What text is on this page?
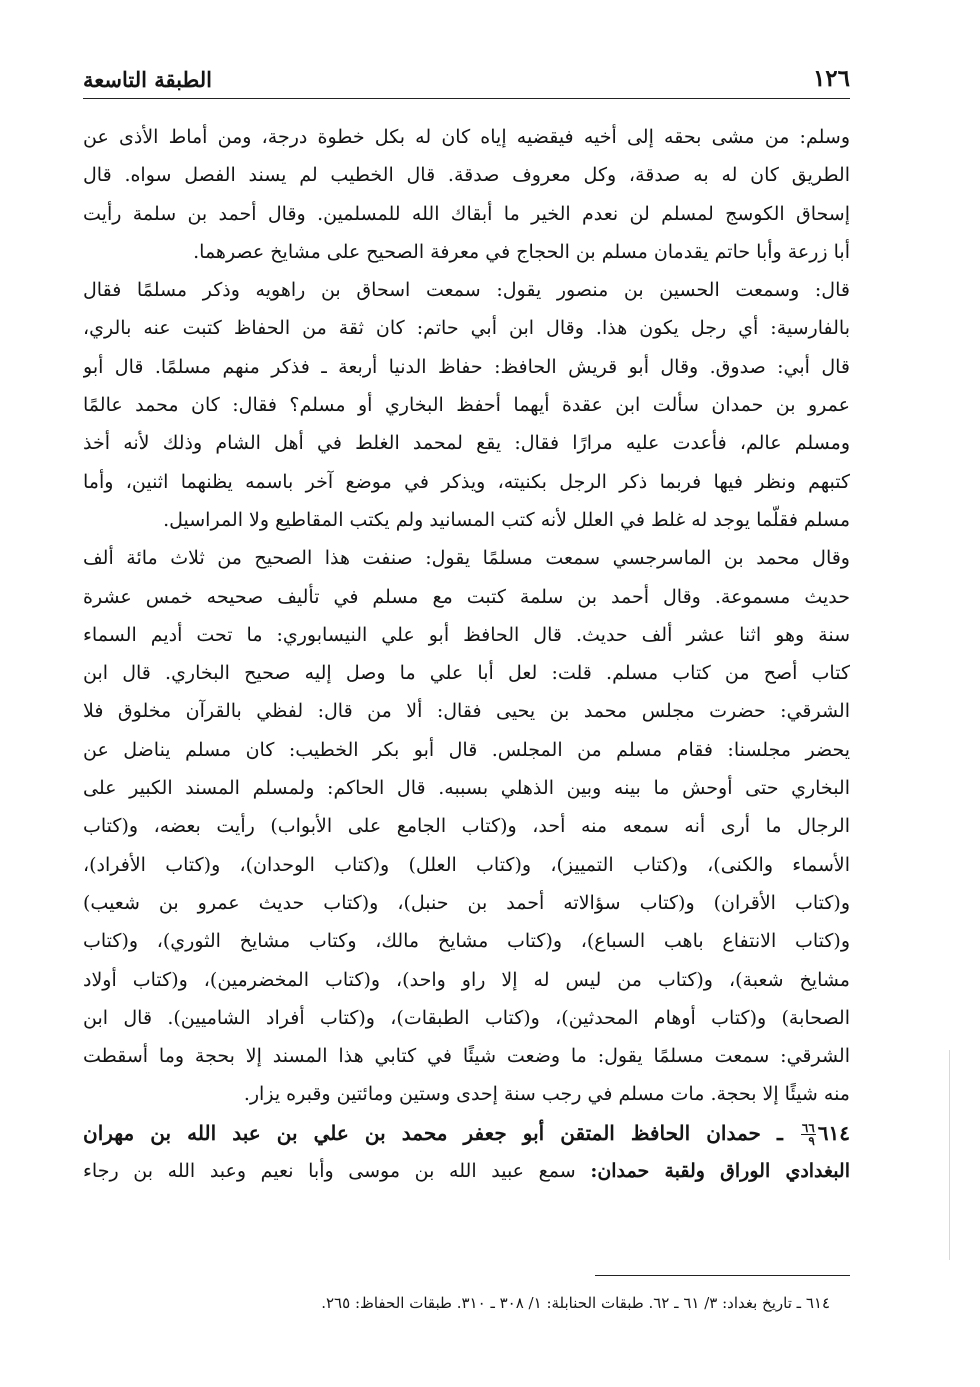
١٢٦
الطبقة التاسعة
وسلم: من مشى بحقه إلى أخيه فيقضيه إياه كان له بكل خطوة درجة، ومن أماط الأذى عن
الطريق كان له به صدقة، وكل معروف صدقة. قال الخطيب لم يسند الفصل سواه. قال
إسحاق الكوسج لمسلم لن نعدم الخير ما أبقاك الله للمسلمين. وقال أحمد بن سلمة رأيت
أبا زرعة وأبا حاتم يقدمان مسلم بن الحجاج في معرفة الصحيح على مشايخ عصرهما.
قال: وسمعت الحسين بن منصور يقول: سمعت اسحاق بن راهويه وذكر مسلمًا فقال
بالفارسية: أي رجل يكون هذا. وقال ابن أبي حاتم: كان ثقة من الحفاظ كتبت عنه بالري،
قال أبي: صدوق. وقال أبو قريش الحافظ: حفاظ الدنيا أربعة ـ فذكر منهم مسلمًا. قال أبو
عمرو بن حمدان سألت ابن عقدة أيهما أحفظ البخاري أو مسلم؟ فقال: كان محمد عالمًا
ومسلم عالم، فأعدت عليه مرارًا فقال: يقع لمحمد الغلط في أهل الشام وذلك لأنه أخذ
كتبهم ونظر فيها فربما ذكر الرجل بكنيته، ويذكر في موضع آخر باسمه يظنهما اثنين، وأما
مسلم فقلّما يوجد له غلط في العلل لأنه كتب المسانيد ولم يكتب المقاطيع ولا المراسيل.
وقال محمد بن الماسرجسي سمعت مسلمًا يقول: صنفت هذا الصحيح من ثلاث مائة ألف
حديث مسموعة. وقال أحمد بن سلمة كتبت مع مسلم في تأليف صحيحه خمس عشرة
سنة وهو اثنا عشر ألف حديث. قال الحافظ أبو علي النيسابوري: ما تحت أديم السماء
كتاب أصح من كتاب مسلم. قلت: لعل أبا علي ما وصل إليه صحيح البخاري. قال ابن
الشرقي: حضرت مجلس محمد بن يحيى فقال: ألا من قال: لفظي بالقرآن مخلوق فلا
يحضر مجلسنا: فقام مسلم من المجلس. قال أبو بكر الخطيب: كان مسلم يناضل عن
البخاري حتى أوحش ما بينه وبين الذهلي بسببه. قال الحاكم: ولمسلم المسند الكبير على
الرجال ما أرى أنه سمعه منه أحد، و(كتاب الجامع على الأبواب) رأيت بعضه، و(كتاب
الأسماء والكنى)، و(كتاب التمييز)، و(كتاب العلل) و(كتاب الوحدان)، و(كتاب الأفراد)،
و(كتاب الأقران) و(كتاب سؤالاته أحمد بن حنبل)، و(كتاب حديث عمرو بن شعيب)
و(كتاب الانتفاع باهب السباع)، و(كتاب مشايخ مالك، وكتاب مشايخ الثوري)، و(كتاب
مشايخ شعبة)، و(كتاب من ليس له إلا راو واحد)، و(كتاب المخضرمين)، و(كتاب أولاد
الصحابة) و(كتاب أوهام المحدثين)، و(كتاب الطبقات)، و(كتاب أفراد الشاميين). قال ابن
الشرقي: سمعت مسلمًا يقول: ما وضعت شيئًا في كتابي هذا المسند إلا بحجة وما أسقطت
منه شيئًا إلا بحجة. مات مسلم في رجب سنة إحدى وستين ومائتين وقبره يزار.
٦١٤
$\frac{٦٦}{٩}$
ـ حمدان الحافظ المتقن أبو جعفر محمد بن علي بن عبد الله بن مهران
البغدادي الوراق ولقبة حمدان: سمع عبيد الله بن موسى وأبا نعيم وعبد الله بن رجاء
٦١٤ ـ تاريخ بغداد: ٣/ ٦١ ـ ٦٢. طبقات الحنابلة: ١/ ٣٠٨ ـ ٣١٠. طبقات الحفاظ: ٢٦٥.
